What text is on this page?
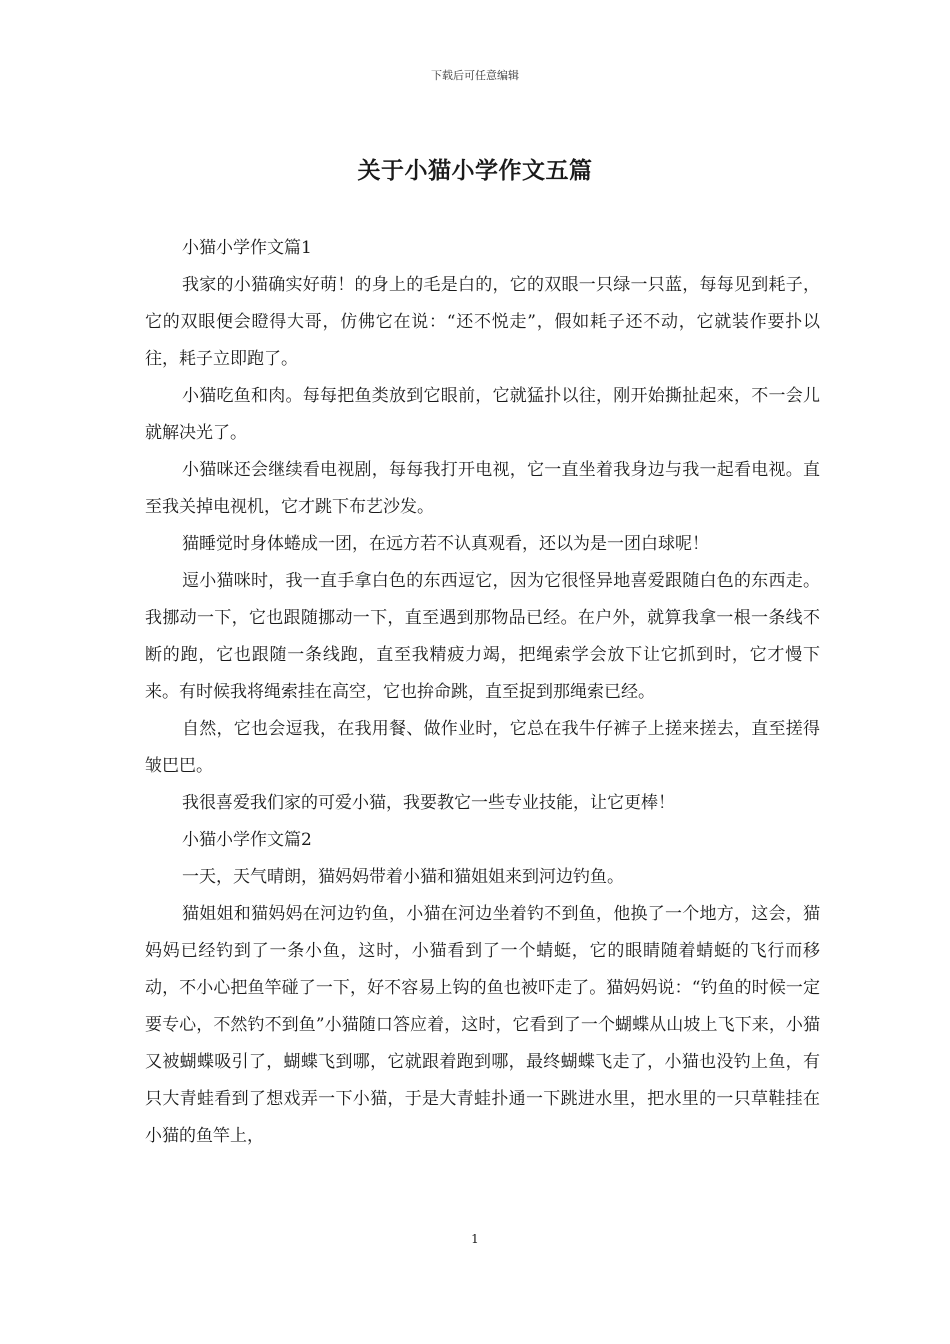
下载后可任意编辑
关于小猫小学作文五篇

小猫小学作文篇1

我家的小猫确实好萌！的身上的毛是白的，它的双眼一只绿一只蓝，每每见到耗子，它的双眼便会瞪得大哥，仿佛它在说：“还不悦走”，假如耗子还不动，它就装作要扑以往，耗子立即跑了。

小猫吃鱼和肉。每每把鱼类放到它眼前，它就猛扑以往，刚开始撕扯起來，不一会儿就解决光了。

小猫咪还会继续看电视剧，每每我打开电视，它一直坐着我身边与我一起看电视。直至我关掉电视机，它才跳下布艺沙发。

猫睡觉时身体蜷成一团，在远方若不认真观看，还以为是一团白球呢！

逗小猫咪时，我一直手拿白色的东西逗它，因为它很怪异地喜爱跟随白色的东西走。我挪动一下，它也跟随挪动一下，直至遇到那物品已经。在户外，就算我拿一根一条线不断的跑，它也跟随一条线跑，直至我精疲力竭，把绳索学会放下让它抓到时，它才慢下来。有时候我将绳索挂在高空，它也拚命跳，直至捉到那绳索已经。

自然，它也会逗我，在我用餐、做作业时，它总在我牛仔裤子上搓来搓去，直至搓得皱巴巴。

我很喜爱我们家的可爱小猫，我要教它一些专业技能，让它更棒！

小猫小学作文篇2

一天，天气晴朗，猫妈妈带着小猫和猫姐姐来到河边钓鱼。

猫姐姐和猫妈妈在河边钓鱼，小猫在河边坐着钓不到鱼，他换了一个地方，这会，猫妈妈已经钓到了一条小鱼，这时，小猫看到了一个蜻蜓，它的眼睛随着蜻蜓的飞行而移动，不小心把鱼竿碰了一下，好不容易上钩的鱼也被吓走了。猫妈妈说：“钓鱼的时候一定要专心，不然钓不到鱼”小猫随口答应着，这时，它看到了一个蝴蝶从山坡上飞下来，小猫又被蝴蝶吸引了，蝴蝶飞到哪，它就跟着跑到哪，最终蝴蝶飞走了，小猫也没钓上鱼，有只大青蛙看到了想戏弄一下小猫，于是大青蛙扑通一下跳进水里，把水里的一只草鞋挂在小猫的鱼竿上，

1
